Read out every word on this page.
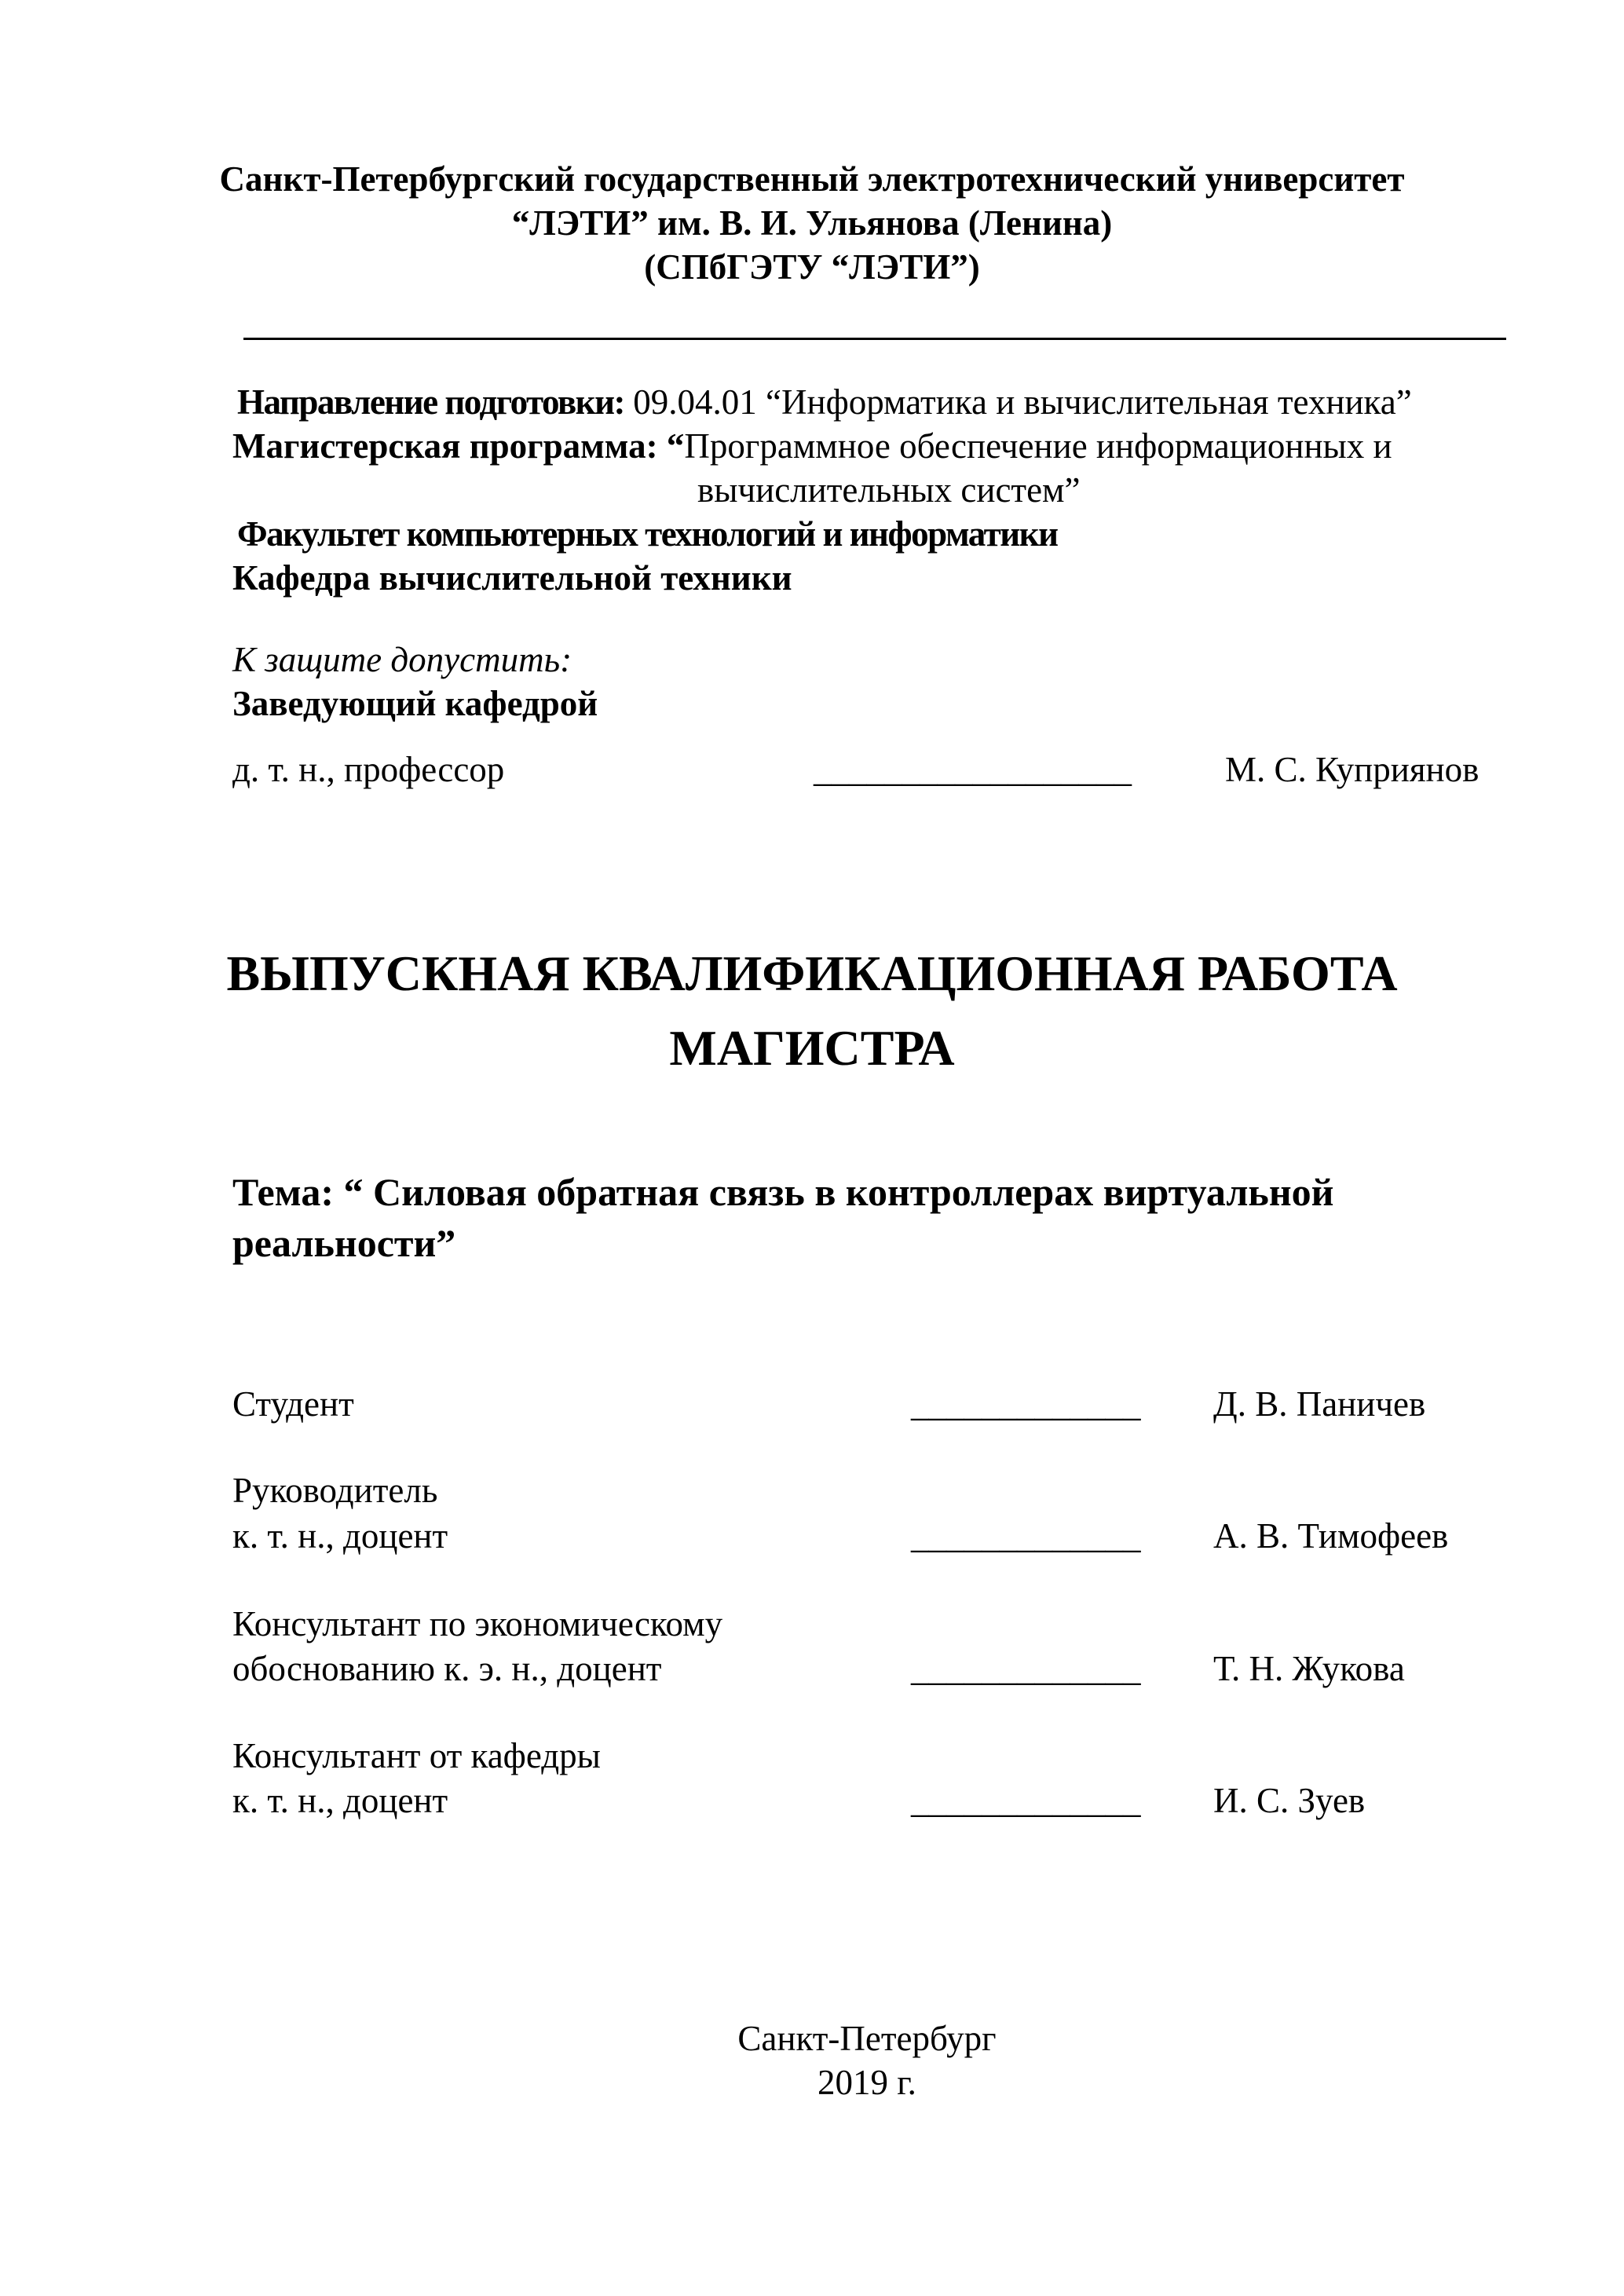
Санкт-Петербургский государственный электротехнический университет
“ЛЭТИ” им. В. И. Ульянова (Ленина)
(СПбГЭТУ “ЛЭТИ”)
Направление подготовки: 09.04.01 “Информатика и вычислительная техника”
Магистерская программа: “Программное обеспечение информационных и
вычислительных систем”
Факультет компьютерных технологий и информатики
Кафедра вычислительной техники
К защите допустить:
Заведующий кафедрой
д. т. н., профессор	__________________	М. С. Куприянов
ВЫПУСКНАЯ КВАЛИФИКАЦИОННАЯ РАБОТА
МАГИСТРА
Тема: “ Силовая обратная связь в контроллерах виртуальной
реальности”
Студент	_____________ Д. В. Паничев
Руководитель
к. т. н., доцент	_____________ А. В. Тимофеев
Консультант по экономическому
обоснованию к. э. н., доцент	_____________ Т. Н. Жукова
Консультант от кафедры
к. т. н., доцент	_____________ И. С. Зуев
Санкт-Петербург
2019 г.
